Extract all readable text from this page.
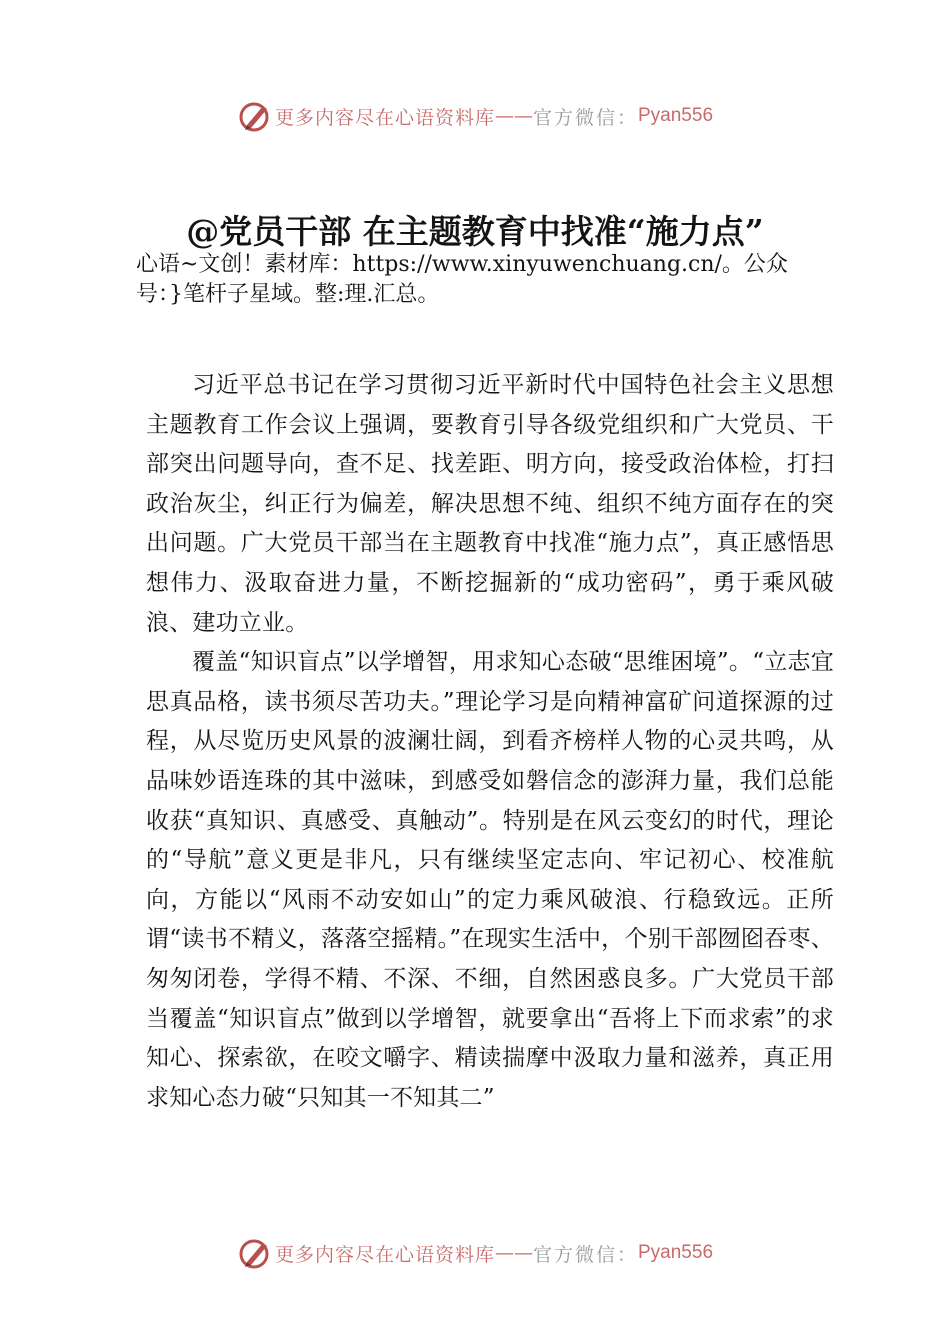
更多内容尽在心语资料库 —— 官方微信： Pyan556
@党员干部 在主题教育中找准“施力点”

心语~文创！素材库：https://www.xinyuwenchuang.cn/。公众号：}笔杆子星域。整:理.汇总。

习近平总书记在学习贯彻习近平新时代中国特色社会主义思想主题教育工作会议上强调，要教育引导各级党组织和广大党员、干部突出问题导向，查不足、找差距、明方向，接受政治体检，打扫政治灰尘，纠正行为偏差，解决思想不纯、组织不纯方面存在的突出问题。广大党员干部当在主题教育中找准“施力点”，真正感悟思想伟力、汲取奋进力量，不断挖掘新的“成功密码”，勇于乘风破浪、建功立业。

覆盖“知识盲点”以学增智，用求知心态破“思维困境”。“立志宜思真品格，读书须尽苦功夫。”理论学习是向精神富矿问道探源的过程，从尽览历史风景的波澜壮阔，到看齐榜样人物的心灵共鸣，从品味妙语连珠的其中滋味，到感受如磐信念的澎湃力量，我们总能收获“真知识、真感受、真触动”。特别是在风云变幻的时代，理论的“导航”意义更是非凡，只有继续坚定志向、牢记初心、校准航向，方能以“风雨不动安如山”的定力乘风破浪、行稳致远。正所谓“读书不精义，落落空摇精。”在现实生活中，个别干部囫囵吞枣、匆匆闭卷，学得不精、不深、不细，自然困惑良多。广大党员干部当覆盖“知识盲点”做到以学增智，就要拿出“吾将上下而求索”的求知心、探索欲，在咬文嚼字、精读揣摩中汲取力量和滋养，真正用求知心态力破“只知其一不知其二”

更多内容尽在心语资料库 —— 官方微信： Pyan556
